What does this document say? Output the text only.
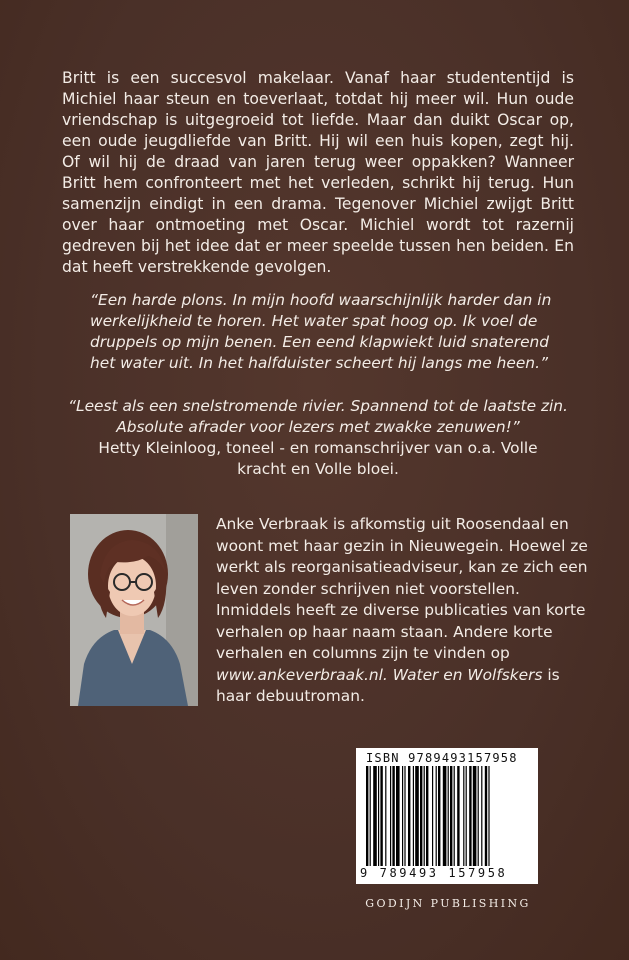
Britt is een succesvol makelaar. Vanaf haar studententijd is Michiel haar steun en toeverlaat, totdat hij meer wil. Hun oude vriendschap is uitgegroeid tot liefde. Maar dan duikt Oscar op, een oude jeugdliefde van Britt. Hij wil een huis kopen, zegt hij. Of wil hij de draad van jaren terug weer oppakken? Wanneer Britt hem confronteert met het verleden, schrikt hij terug. Hun samenzijn eindigt in een drama. Tegenover Michiel zwijgt Britt over haar ontmoeting met Oscar. Michiel wordt tot razernij gedreven bij het idee dat er meer speelde tussen hen beiden. En dat heeft verstrekkende gevolgen.

“Een harde plons. In mijn hoofd waarschijnlijk harder dan in werkelijkheid te horen. Het water spat hoog op. Ik voel de druppels op mijn benen. Een eend klapwiekt luid snaterend het water uit. In het halfduister scheert hij langs me heen.”

“Leest als een snelstromende rivier. Spannend tot de laatste zin.

Absolute afrader voor lezers met zwakke zenuwen!”

Hetty Kleinloog, toneel - en romanschrijver van o.a. Volle

kracht en Volle bloei.

Anke Verbraak is afkomstig uit Roosendaal en woont met haar gezin in Nieuwegein. Hoewel ze werkt als reorganisatieadviseur, kan ze zich een leven zonder schrijven niet voorstellen. Inmiddels heeft ze diverse publicaties van korte verhalen op haar naam staan. Andere korte verhalen en columns zijn te vinden op www.ankeverbraak.nl. Water en Wolfskers is haar debuutroman.

ISBN 9789493157958
9 789493 157958
GODIJN PUBLISHING
